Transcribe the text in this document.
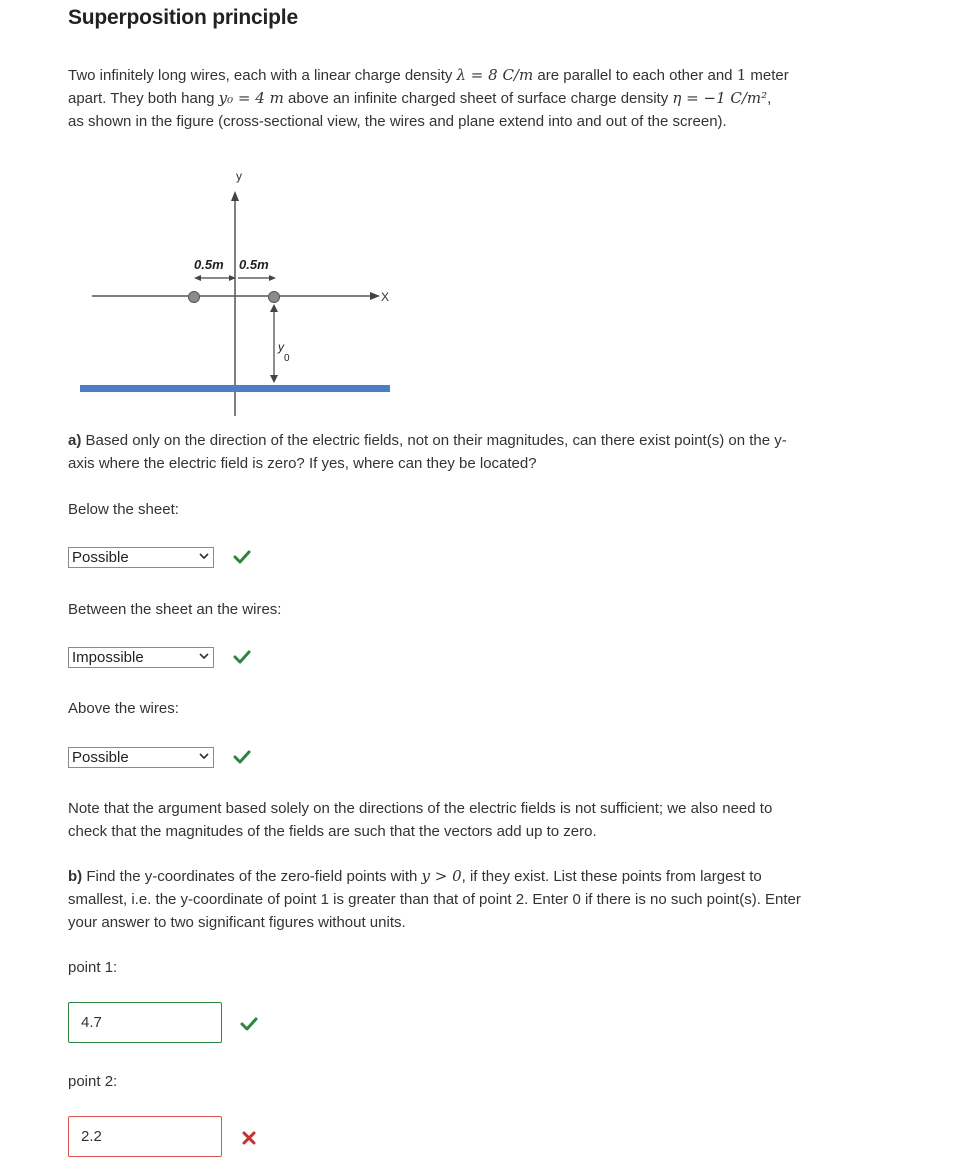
Superposition principle
Two infinitely long wires, each with a linear charge density λ = 8 C/m are parallel to each other and 1 meter
apart. They both hang y₀ = 4 m above an infinite charged sheet of surface charge density η = −1 C/m²,
as shown in the figure (cross-sectional view, the wires and plane extend into and out of the screen).
y
X
0.5m 0.5m
y
0
a) Based only on the direction of the electric fields, not on their magnitudes, can there exist point(s) on the y-
axis where the electric field is zero? If yes, where can they be located?
Below the sheet:
Possible
Between the sheet an the wires:
Impossible
Above the wires:
Possible
Note that the argument based solely on the directions of the electric fields is not sufficient; we also need to
check that the magnitudes of the fields are such that the vectors add up to zero.
b) Find the y-coordinates of the zero-field points with y > 0, if they exist. List these points from largest to
smallest, i.e. the y-coordinate of point 1 is greater than that of point 2. Enter 0 if there is no such point(s). Enter
your answer to two significant figures without units.
point 1:
4.7
point 2:
2.2
